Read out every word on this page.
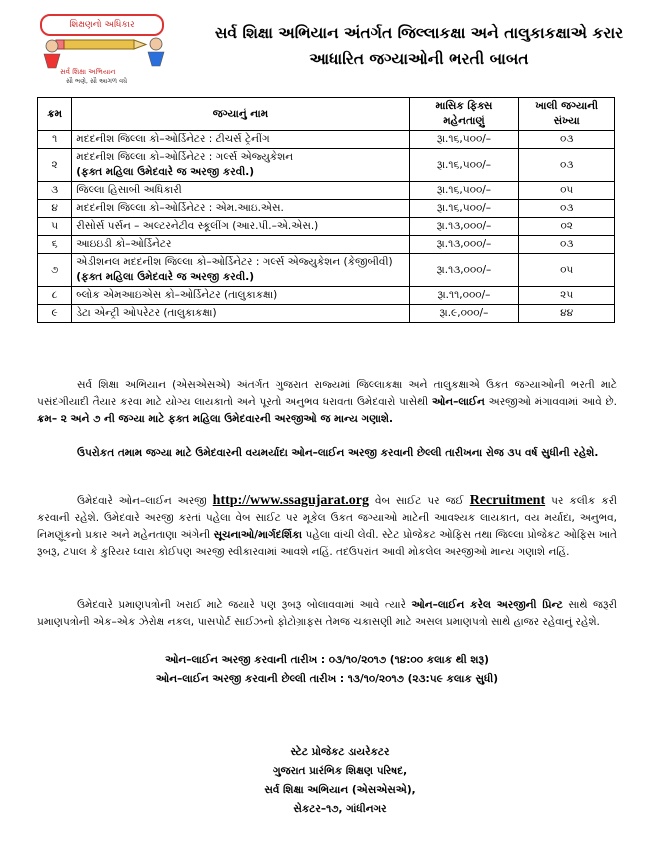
શિક્ષણનો અધિકાર
સર્વ શિક્ષા અભિયાન
સૌ ભણે, સૌ આગળ વધે
સર્વ શિક્ષા અભિયાન અંતર્ગત જિલ્લાકક્ષા અને તાલુકાકક્ષાએ કરાર
આધારિત જગ્યાઓની ભરતી બાબત
ક્રમ	જગ્યાનું નામ	માસિક ફિક્સ મહેનતાણું	ખાલી જગ્યાની સંખ્યા
૧	મદદનીશ જિલ્લા કો–ઓર્ડિનેટર : ટીચર્સ ટ્રેનીંગ	રૂા.૧૬,૫૦૦/–	૦૩
૨	મદદનીશ જિલ્લા કો–ઓર્ડિનેટર : ગર્લ્સ એજ્યુકેશન
(ફક્ત મહિલા ઉમેદવારે જ અરજી કરવી.)	રૂા.૧૬,૫૦૦/–	૦૩
૩	જિલ્લા હિસાબી અધિકારી	રૂા.૧૬,૫૦૦/–	૦૫
૪	મદદનીશ જિલ્લા કો–ઓર્ડિનેટર : એમ.આઇ.એસ.	રૂા.૧૬,૫૦૦/–	૦૩
૫	રીસોર્સ પર્સન – અલ્ટરનેટીવ સ્કૂલીંગ (આર.પી.–એ.એસ.)	રૂા.૧૩,૦૦૦/–	૦૨
૬	આઇઇડી કો–ઓર્ડિનેટર	રૂા.૧૩,૦૦૦/–	૦૩
૭	એડીશનલ મદદનીશ જિલ્લા કો–ઓર્ડિનેટર : ગર્લ્સ એજ્યુકેશન (કેજીબીવી)
(ફક્ત મહિલા ઉમેદવારે જ અરજી કરવી.)	રૂા.૧૩,૦૦૦/–	૦૫
૮	બ્લોક એમઆઇએસ કો–ઓર્ડિનેટર (તાલુકાકક્ષા)	રૂા.૧૧,૦૦૦/–	૨૫
૯	ડેટા એન્ટ્રી ઓપરેટર (તાલુકાકક્ષા)	રૂા.૯,૦૦૦/–	૪૪
સર્વ શિક્ષા અભિયાન (એસએસએ) અંતર્ગત ગુજરાત રાજ્યમાં જિલ્લાકક્ષા અને તાલુકક્ષાએ ઉકત જગ્યાઓની ભરતી માટે પસંદગીયાદી તૈયાર કરવા માટે યોગ્ય લાયકાતો અને પૂરતો અનુભવ ધરાવતા ઉમેદવારો પાસેથી ઓન–લાઈન અરજીઓ મંગાવવામાં આવે છે. ક્રમ– ૨ અને ૭ ની જગ્યા માટે ફક્ત મહિલા ઉમેદવારની અરજીઓ જ માન્ય ગણાશે.
ઉપરોકત તમામ જગ્યા માટે ઉમેદવારની વયમર્યાદા ઓન–લાઈન અરજી કરવાની છેલ્લી તારીખના રોજ ૩૫ વર્ષ સુધીની રહેશે.
ઉમેદવારે ઓન–લાઈન અરજી http://www.ssagujarat.org વેબ સાઈટ પર જઈ Recruitment પર કલીક કરી કરવાની રહેશે. ઉમેદવારે અરજી કરતાં પહેલા વેબ સાઈટ પર મૂકેલ ઉકત જગ્યાઓ માટેની આવશ્યક લાયકાત, વય મર્યાદા, અનુભવ, નિમણૂંકનો પ્રકાર અને મહેનતાણા અંગેની સૂચનાઓ/માર્ગદર્શિકા પહેલા વાંચી લેવી. સ્ટેટ પ્રોજેકટ ઓફિસ તથા જિલ્લા પ્રોજેકટ ઓફિસ ખાતે રૂબરૂ, ટપાલ કે કુરિયર ધ્વારા કોઈપણ અરજી સ્વીકારવામાં આવશે નહિં. તદઉપરાંત આવી મોકલેલ અરજીઓ માન્ય ગણાશે નહિં.
ઉમેદવારે પ્રમાણપત્રોની ખરાઈ માટે જયારે પણ રૂબરૂ બોલાવવામાં આવે ત્યારે ઓન–લાઈન કરેલ અરજીની પ્રિન્ટ સાથે જરૂરી પ્રમાણપત્રોની એક–એક ઝેરોક્ષ નકલ, પાસપોર્ટ સાઈઝનો ફોટોગ્રાફસ તેમજ ચકાસણી માટે અસલ પ્રમાણપત્રો સાથે હાજર રહેવાનું રહેશે.
ઓન–લાઈન અરજી કરવાની તારીખ : ૦૩/૧૦/૨૦૧૭ (૧૪:૦૦ કલાક થી શરૂ)
ઓન–લાઈન અરજી કરવાની છેલ્લી તારીખ : ૧૩/૧૦/૨૦૧૭ (૨૩:૫૯ કલાક સુધી)
સ્ટેટ પ્રોજેકટ ડાયરેકટર
ગુજરાત પ્રારંભિક શિક્ષણ પરિષદ,
સર્વ શિક્ષા અભિયાન (એસએસએ),
સેકટર–૧૭, ગાંધીનગર
